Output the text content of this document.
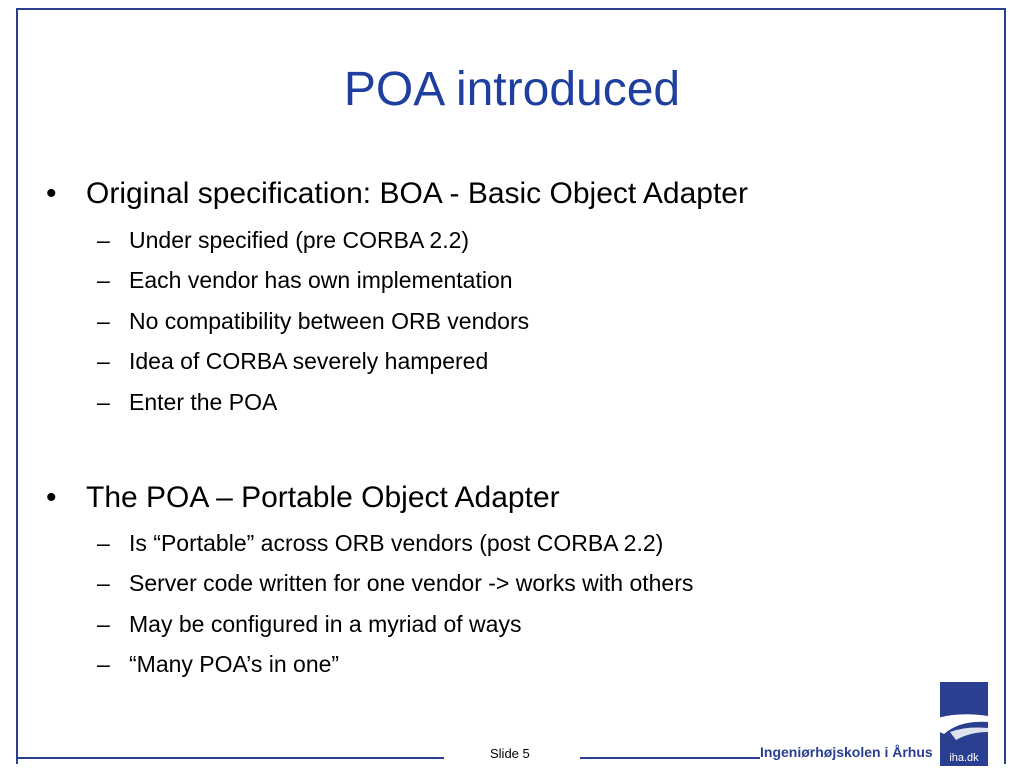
POA introduced
• Original specification: BOA - Basic Object Adapter
– Under specified (pre CORBA 2.2)
– Each vendor has own implementation
– No compatibility between ORB vendors
– Idea of CORBA severely hampered
– Enter the POA
• The POA – Portable Object Adapter
– Is “Portable” across ORB vendors (post CORBA 2.2)
– Server code written for one vendor -> works with others
– May be configured in a myriad of ways
– “Many POA’s in one”
Slide 5	Ingeniørhøjskolen i Århus iha.dk
